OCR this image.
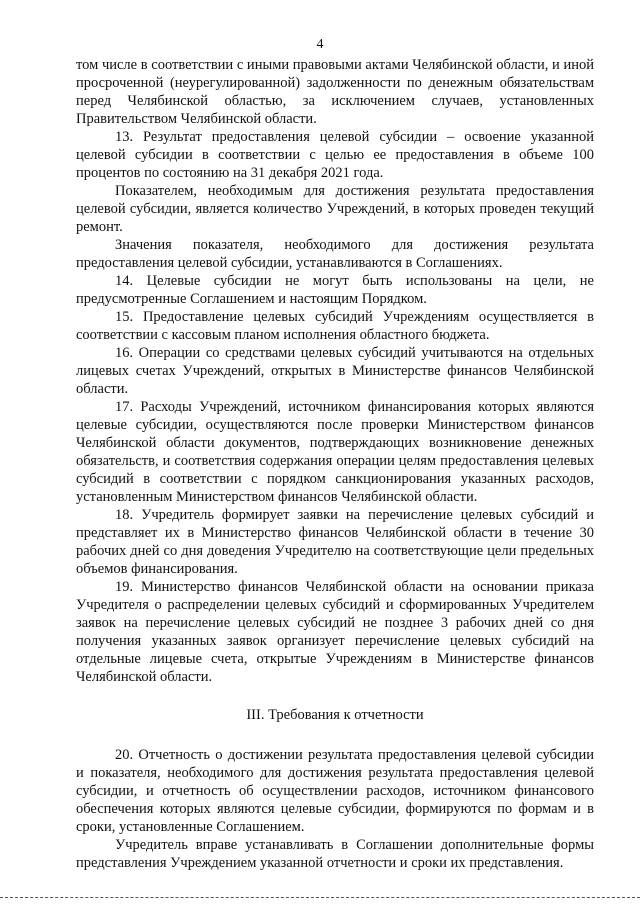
4

том числе в соответствии с иными правовыми актами Челябинской области, и иной просроченной (неурегулированной) задолженности по денежным обязательствам перед Челябинской областью, за исключением случаев, установленных Правительством Челябинской области.

13. Результат предоставления целевой субсидии – освоение указанной целевой субсидии в соответствии с целью ее предоставления в объеме 100 процентов по состоянию на 31 декабря 2021 года.

Показателем, необходимым для достижения результата предоставления целевой субсидии, является количество Учреждений, в которых проведен текущий ремонт.

Значения показателя, необходимого для достижения результата предоставления целевой субсидии, устанавливаются в Соглашениях.

14. Целевые субсидии не могут быть использованы на цели, не предусмотренные Соглашением и настоящим Порядком.

15. Предоставление целевых субсидий Учреждениям осуществляется в соответствии с кассовым планом исполнения областного бюджета.

16. Операции со средствами целевых субсидий учитываются на отдельных лицевых счетах Учреждений, открытых в Министерстве финансов Челябинской области.

17. Расходы Учреждений, источником финансирования которых являются целевые субсидии, осуществляются после проверки Министерством финансов Челябинской области документов, подтверждающих возникновение денежных обязательств, и соответствия содержания операции целям предоставления целевых субсидий в соответствии с порядком санкционирования указанных расходов, установленным Министерством финансов Челябинской области.

18. Учредитель формирует заявки на перечисление целевых субсидий и представляет их в Министерство финансов Челябинской области в течение 30 рабочих дней со дня доведения Учредителю на соответствующие цели предельных объемов финансирования.

19. Министерство финансов Челябинской области на основании приказа Учредителя о распределении целевых субсидий и сформированных Учредителем заявок на перечисление целевых субсидий не позднее 3 рабочих дней со дня получения указанных заявок организует перечисление целевых субсидий на отдельные лицевые счета, открытые Учреждениям в Министерстве финансов Челябинской области.

III. Требования к отчетности

20. Отчетность о достижении результата предоставления целевой субсидии и показателя, необходимого для достижения результата предоставления целевой субсидии, и отчетность об осуществлении расходов, источником финансового обеспечения которых являются целевые субсидии, формируются по формам и в сроки, установленные Соглашением.

Учредитель вправе устанавливать в Соглашении дополнительные формы представления Учреждением указанной отчетности и сроки их представления.
